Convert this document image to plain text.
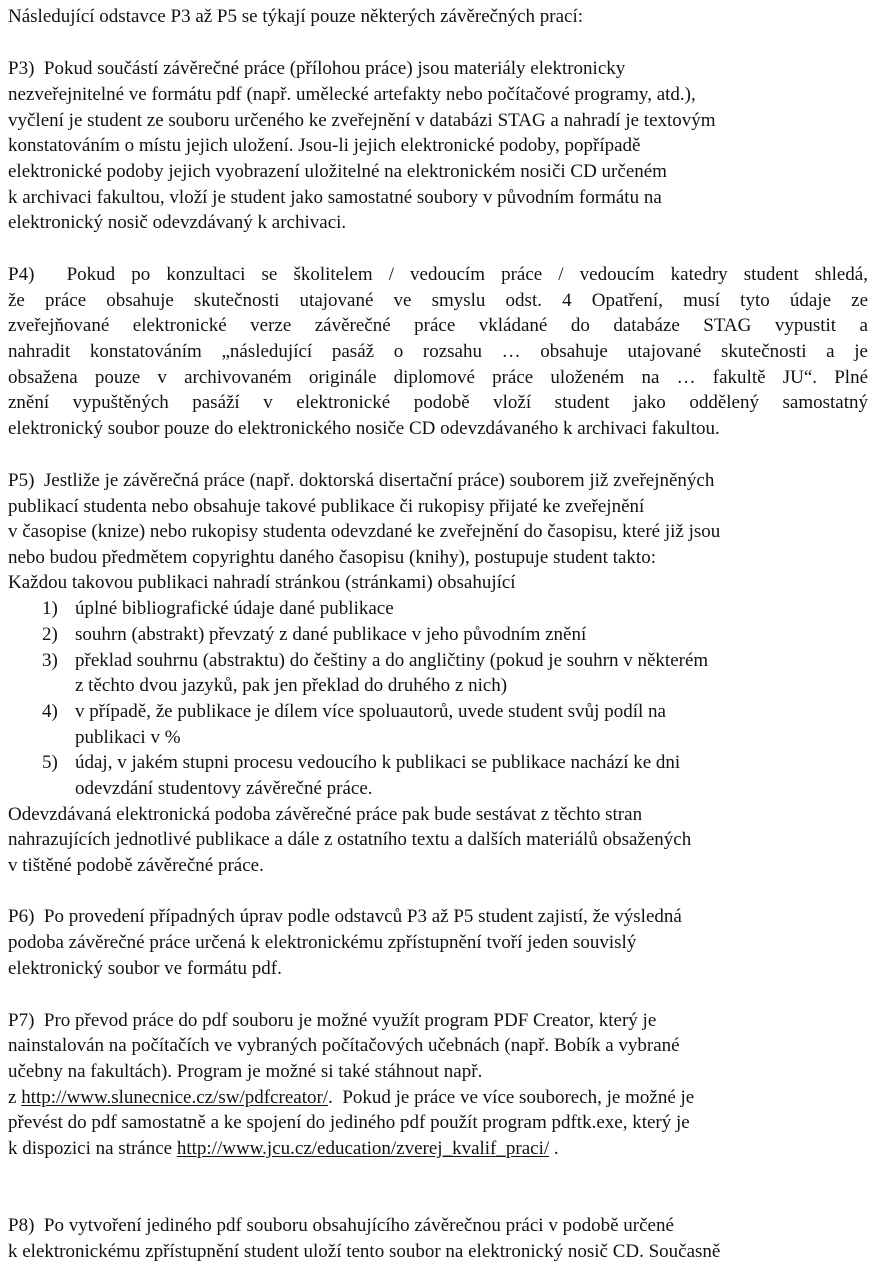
Následující odstavce P3 až P5 se týkají pouze některých závěrečných prací:
P3)  Pokud součástí závěrečné práce (přílohou práce) jsou materiály elektronicky
nezveřejnitelné ve formátu pdf (např. umělecké artefakty nebo počítačové programy, atd.),
vyčlení je student ze souboru určeného ke zveřejnění v databázi STAG a nahradí je textovým
konstatováním o místu jejich uložení. Jsou-li jejich elektronické podoby, popřípadě
elektronické podoby jejich vyobrazení uložitelné na elektronickém nosiči CD určeném
k archivaci fakultou, vloží je student jako samostatné soubory v původním formátu na
elektronický nosič odevzdávaný k archivaci.
P4)  Pokud po konzultaci se školitelem / vedoucím práce / vedoucím katedry student shledá,
že práce obsahuje skutečnosti utajované ve smyslu odst. 4 Opatření, musí tyto údaje ze
zveřejňované elektronické verze závěrečné práce vkládané do databáze STAG vypustit a
nahradit konstatováním „následující pasáž o rozsahu … obsahuje utajované skutečnosti a je
obsažena pouze v archivovaném originále diplomové práce uloženém na … fakultě JU“. Plné
znění vypuštěných pasáží v elektronické podobě vloží student jako oddělený samostatný
elektronický soubor pouze do elektronického nosiče CD odevzdávaného k archivaci fakultou.
P5)  Jestliže je závěrečná práce (např. doktorská disertační práce) souborem již zveřejněných
publikací studenta nebo obsahuje takové publikace či rukopisy přijaté ke zveřejnění
v časopise (knize) nebo rukopisy studenta odevzdané ke zveřejnění do časopisu, které již jsou
nebo budou předmětem copyrightu daného časopisu (knihy), postupuje student takto:
Každou takovou publikaci nahradí stránkou (stránkami) obsahující
1) úplné bibliografické údaje dané publikace
2) souhrn (abstrakt) převzatý z dané publikace v jeho původním znění
3) překlad souhrnu (abstraktu) do češtiny a do angličtiny (pokud je souhrn v některém
z těchto dvou jazyků, pak jen překlad do druhého z nich)
4) v případě, že publikace je dílem více spoluautorů, uvede student svůj podíl na
publikaci v %
5) údaj, v jakém stupni procesu vedoucího k publikaci se publikace nachází ke dni
odevzdání studentovy závěrečné práce.
Odevzdávaná elektronická podoba závěrečné práce pak bude sestávat z těchto stran
nahrazujících jednotlivé publikace a dále z ostatního textu a dalších materiálů obsažených
v tištěné podobě závěrečné práce.
P6)  Po provedení případných úprav podle odstavců P3 až P5 student zajistí, že výsledná
podoba závěrečné práce určená k elektronickému zpřístupnění tvoří jeden souvislý
elektronický soubor ve formátu pdf.
P7)  Pro převod práce do pdf souboru je možné využít program PDF Creator, který je
nainstalován na počítačích ve vybraných počítačových učebnách (např. Bobík a vybrané
učebny na fakultách). Program je možné si také stáhnout např.
z http://www.slunecnice.cz/sw/pdfcreator/.  Pokud je práce ve více souborech, je možné je
převést do pdf samostatně a ke spojení do jediného pdf použít program pdftk.exe, který je
k dispozici na stránce http://www.jcu.cz/education/zverej_kvalif_praci/ .
P8)  Po vytvoření jediného pdf souboru obsahujícího závěrečnou práci v podobě určené
k elektronickému zpřístupnění student uloží tento soubor na elektronický nosič CD. Současně
